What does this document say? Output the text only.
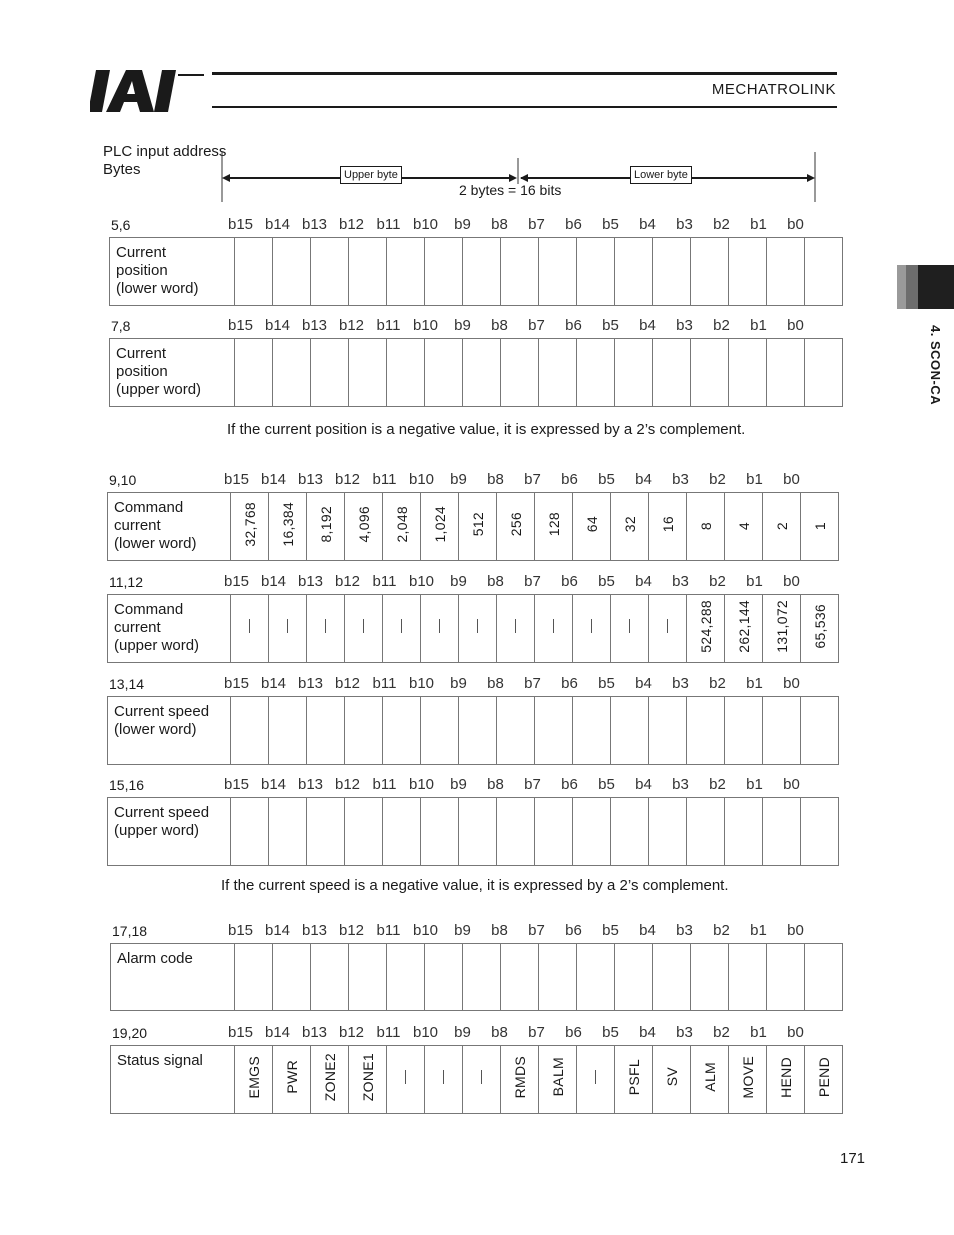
MECHATROLINK
4. SCON-CA
PLC input address
Bytes	Upper byte	Lower byte
2 bytes = 16 bits
5,6	b15 b14 b13 b12 b11 b10	b9	b8	b7	b6	b5	b4	b3	b2	b1	b0
Current
position
(lower word)																
7,8	b15 b14 b13 b12 b11 b10	b9	b8	b7	b6	b5	b4	b3	b2	b1	b0
Current
position
(upper word)																
9,10	b15 b14 b13 b12 b11 b10	b9	b8	b7	b6	b5	b4	b3	b2	b1	b0
Command
current
(lower word)	32,768	16,384	8,192	4,096	2,048	1,024	512	256	128	64	32	16	8	4	2	1
11,12	b15 b14 b13 b12 b11 b10	b9	b8	b7	b6	b5	b4	b3	b2	b1	b0
Command
current
(upper word)													524,288	262,144	131,072	65,536
13,14	b15 b14 b13 b12 b11 b10	b9	b8	b7	b6	b5	b4	b3	b2	b1	b0
Current speed
(lower word)																
15,16	b15 b14 b13 b12 b11 b10	b9	b8	b7	b6	b5	b4	b3	b2	b1	b0
Current speed
(upper word)																
17,18	b15 b14 b13 b12 b11 b10	b9	b8	b7	b6	b5	b4	b3	b2	b1	b0
Alarm code																
19,20	b15 b14 b13 b12 b11 b10	b9	b8	b7	b6	b5	b4	b3	b2	b1	b0
Status signal	EMGS	PWR	ZONE2	ZONE1				RMDS	BALM		PSFL	SV	ALM	MOVE	HEND	PEND
If the current position is a negative value, it is expressed by a 2’s complement.
If the current speed is a negative value, it is expressed by a 2’s complement.
171
